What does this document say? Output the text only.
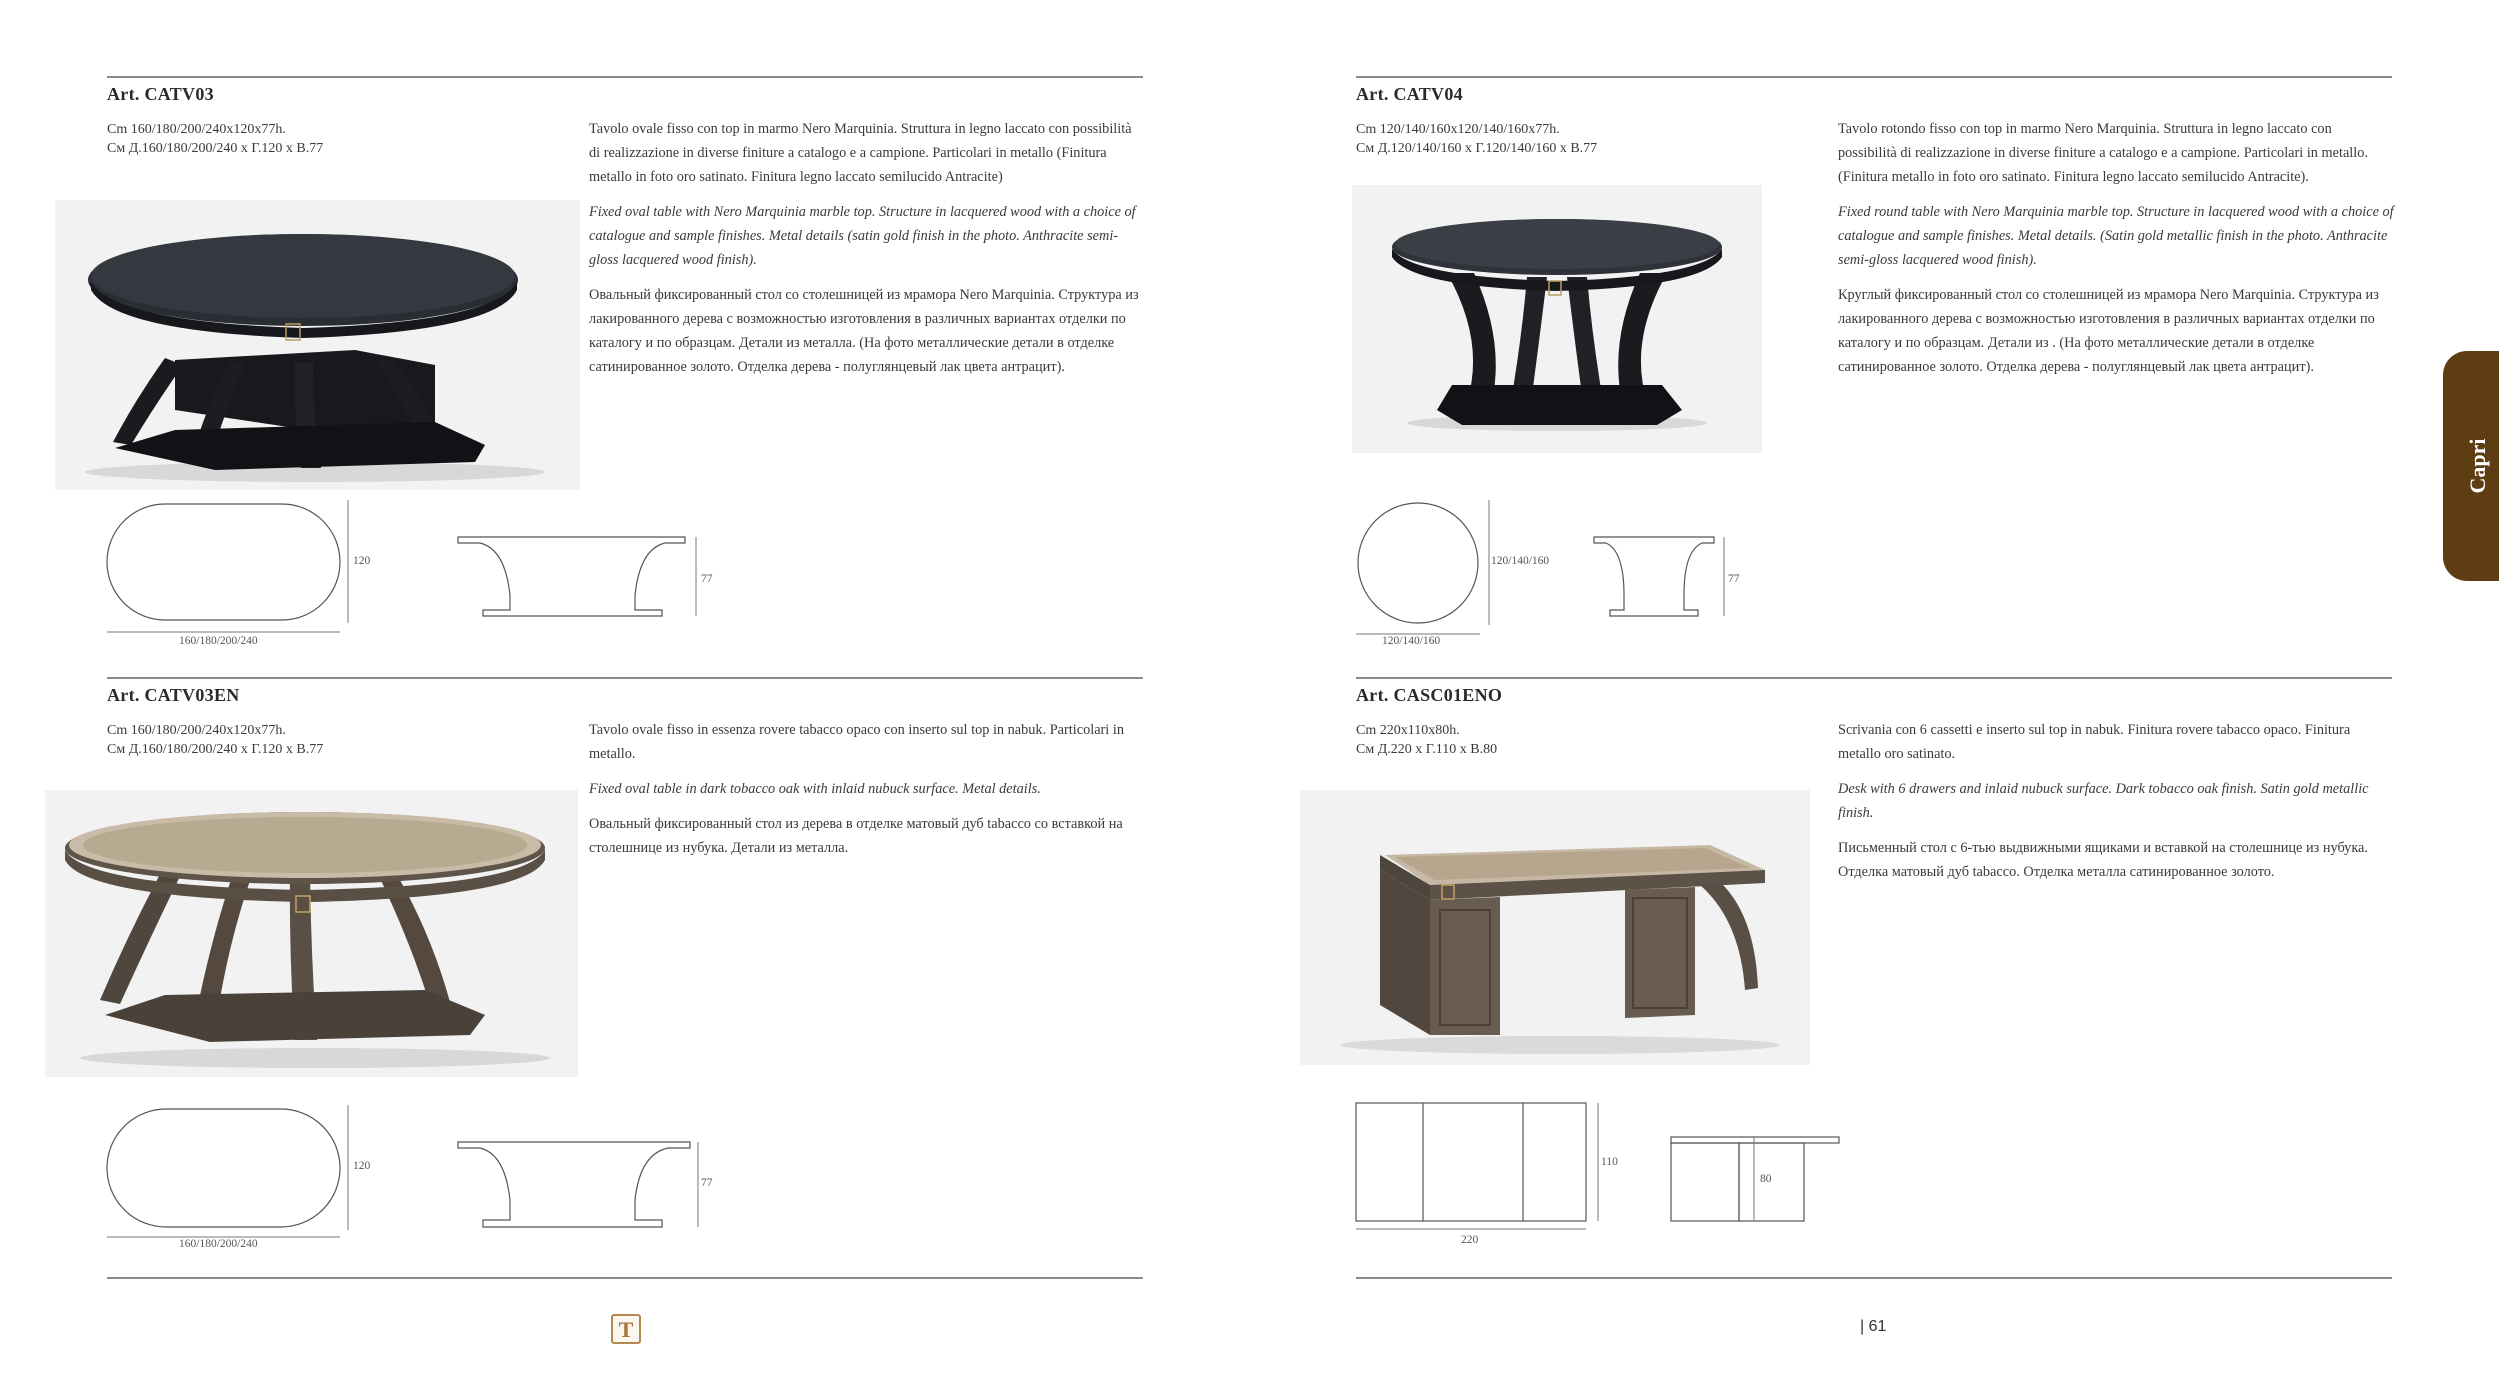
Art. CATV03
Cm 160/180/200/240x120x77h.
См Д.160/180/200/240 х Г.120 х В.77

Tavolo ovale fisso con top in marmo Nero Marquinia. Struttura in legno laccato con possibilità di realizzazione in diverse finiture a catalogo e a campione. Particolari in metallo (Finitura metallo in foto oro satinato. Finitura legno laccato semilucido Antracite)

Fixed oval table with Nero Marquinia marble top. Structure in lacquered wood with a choice of catalogue and sample finishes. Metal details (satin gold finish in the photo. Anthracite semi-gloss lacquered wood finish).

Овальный фиксированный стол со столешницей из мрамора Nero Marquinia. Структура из лакированного дерева с возможностью изготовления в различных вариантах отделки по каталогу и по образцам. Детали из металла. (На фото металлические детали в отделке сатинированное золото. Отделка дерева - полуглянцевый лак цвета антрацит).

120
160/180/200/240
77
Art. CATV04
Cm 120/140/160x120/140/160x77h.
См Д.120/140/160 х Г.120/140/160 х В.77

Tavolo rotondo fisso con top in marmo Nero Marquinia. Struttura in legno laccato con possibilità di realizzazione in diverse finiture a catalogo e a campione. Particolari in metallo. (Finitura metallo in foto oro satinato. Finitura legno laccato semilucido Antracite).

Fixed round table with Nero Marquinia marble top. Structure in lacquered wood with a choice of catalogue and sample finishes. Metal details. (Satin gold metallic finish in the photo. Anthracite semi-gloss lacquered wood finish).

Круглый фиксированный стол со столешницей из мрамора Nero Marquinia. Структура из лакированного дерева с возможностью изготовления в различных вариантах отделки по каталогу и по образцам. Детали из . (На фото металлические детали в отделке сатинированное золото. Отделка дерева - полуглянцевый лак цвета антрацит).

120/140/160
120/140/160
77
Art. CATV03EN
Cm 160/180/200/240x120x77h.
См Д.160/180/200/240 х Г.120 х В.77

Tavolo ovale fisso in essenza rovere tabacco opaco con inserto sul top in nabuk. Particolari in metallo.

Fixed oval table in dark tobacco oak with inlaid nubuck surface. Metal details.

Овальный фиксированный стол из дерева в отделке матовый дуб tabacco со вставкой на столешнице из нубука. Детали из металла.

120
160/180/200/240
77
Art. CASC01ENO
Cm 220x110x80h.
См Д.220 х Г.110 х В.80

Scrivania con 6 cassetti e inserto sul top in nabuk. Finitura rovere tabacco opaco. Finitura metallo oro satinato.

Desk with 6 drawers and inlaid nubuck surface. Dark tobacco oak finish. Satin gold metallic finish.

Письменный стол с 6-тью выдвижными ящиками и вставкой на столешнице из нубука. Отделка матовый дуб tabacco. Отделка металла сатинированное золото.

110
220
80
Capri
T	| 61
